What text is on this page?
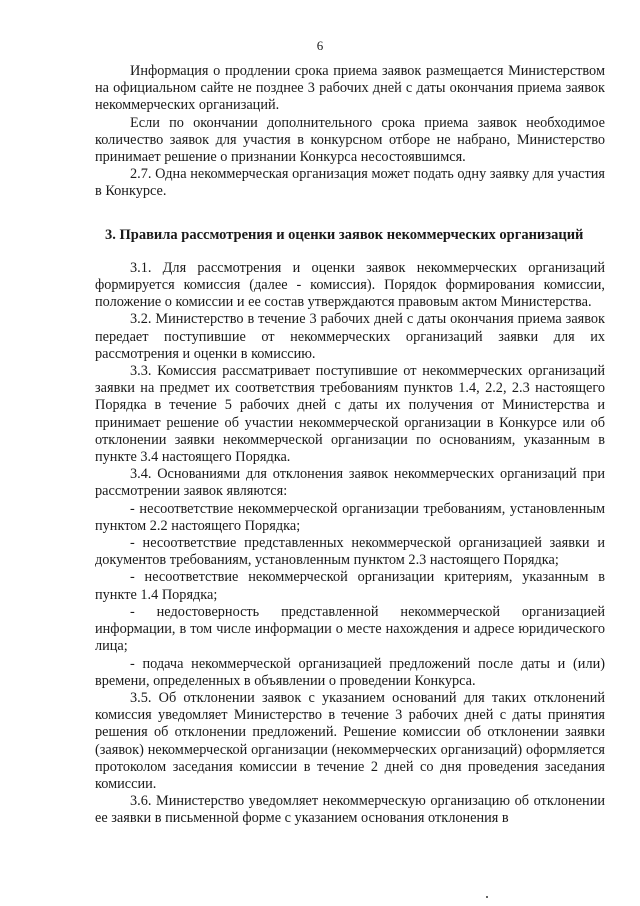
6

Информация о продлении срока приема заявок размещается Министерством на официальном сайте не позднее 3 рабочих дней с даты окончания приема заявок некоммерческих организаций.

Если по окончании дополнительного срока приема заявок необходимое количество заявок для участия в конкурсном отборе не набрано, Министерство принимает решение о признании Конкурса несостоявшимся.

2.7. Одна некоммерческая организация может подать одну заявку для участия в Конкурсе.

3. Правила рассмотрения и оценки заявок некоммерческих организаций

3.1. Для рассмотрения и оценки заявок некоммерческих организаций формируется комиссия (далее - комиссия). Порядок формирования комиссии, положение о комиссии и ее состав утверждаются правовым актом Министерства.

3.2. Министерство в течение 3 рабочих дней с даты окончания приема заявок передает поступившие от некоммерческих организаций заявки для их рассмотрения и оценки в комиссию.

3.3. Комиссия рассматривает поступившие от некоммерческих организаций заявки на предмет их соответствия требованиям пунктов 1.4, 2.2, 2.3 настоящего Порядка в течение 5 рабочих дней с даты их получения от Министерства и принимает решение об участии некоммерческой организации в Конкурсе или об отклонении заявки некоммерческой организации по основаниям, указанным в пункте 3.4 настоящего Порядка.

3.4. Основаниями для отклонения заявок некоммерческих организаций при рассмотрении заявок являются:

- несоответствие некоммерческой организации требованиям, установленным пунктом 2.2 настоящего Порядка;

- несоответствие представленных некоммерческой организацией заявки и документов требованиям, установленным пунктом 2.3 настоящего Порядка;

- несоответствие некоммерческой организации критериям, указанным в пункте 1.4 Порядка;

- недостоверность представленной некоммерческой организацией информации, в том числе информации о месте нахождения и адресе юридического лица;

- подача некоммерческой организацией предложений после даты и (или) времени, определенных в объявлении о проведении Конкурса.

3.5. Об отклонении заявок с указанием оснований для таких отклонений комиссия уведомляет Министерство в течение 3 рабочих дней с даты принятия решения об отклонении предложений. Решение комиссии об отклонении заявки (заявок) некоммерческой организации (некоммерческих организаций) оформляется протоколом заседания комиссии в течение 2 дней со дня проведения заседания комиссии.

3.6. Министерство уведомляет некоммерческую организацию об отклонении ее заявки в письменной форме с указанием основания отклонения в
